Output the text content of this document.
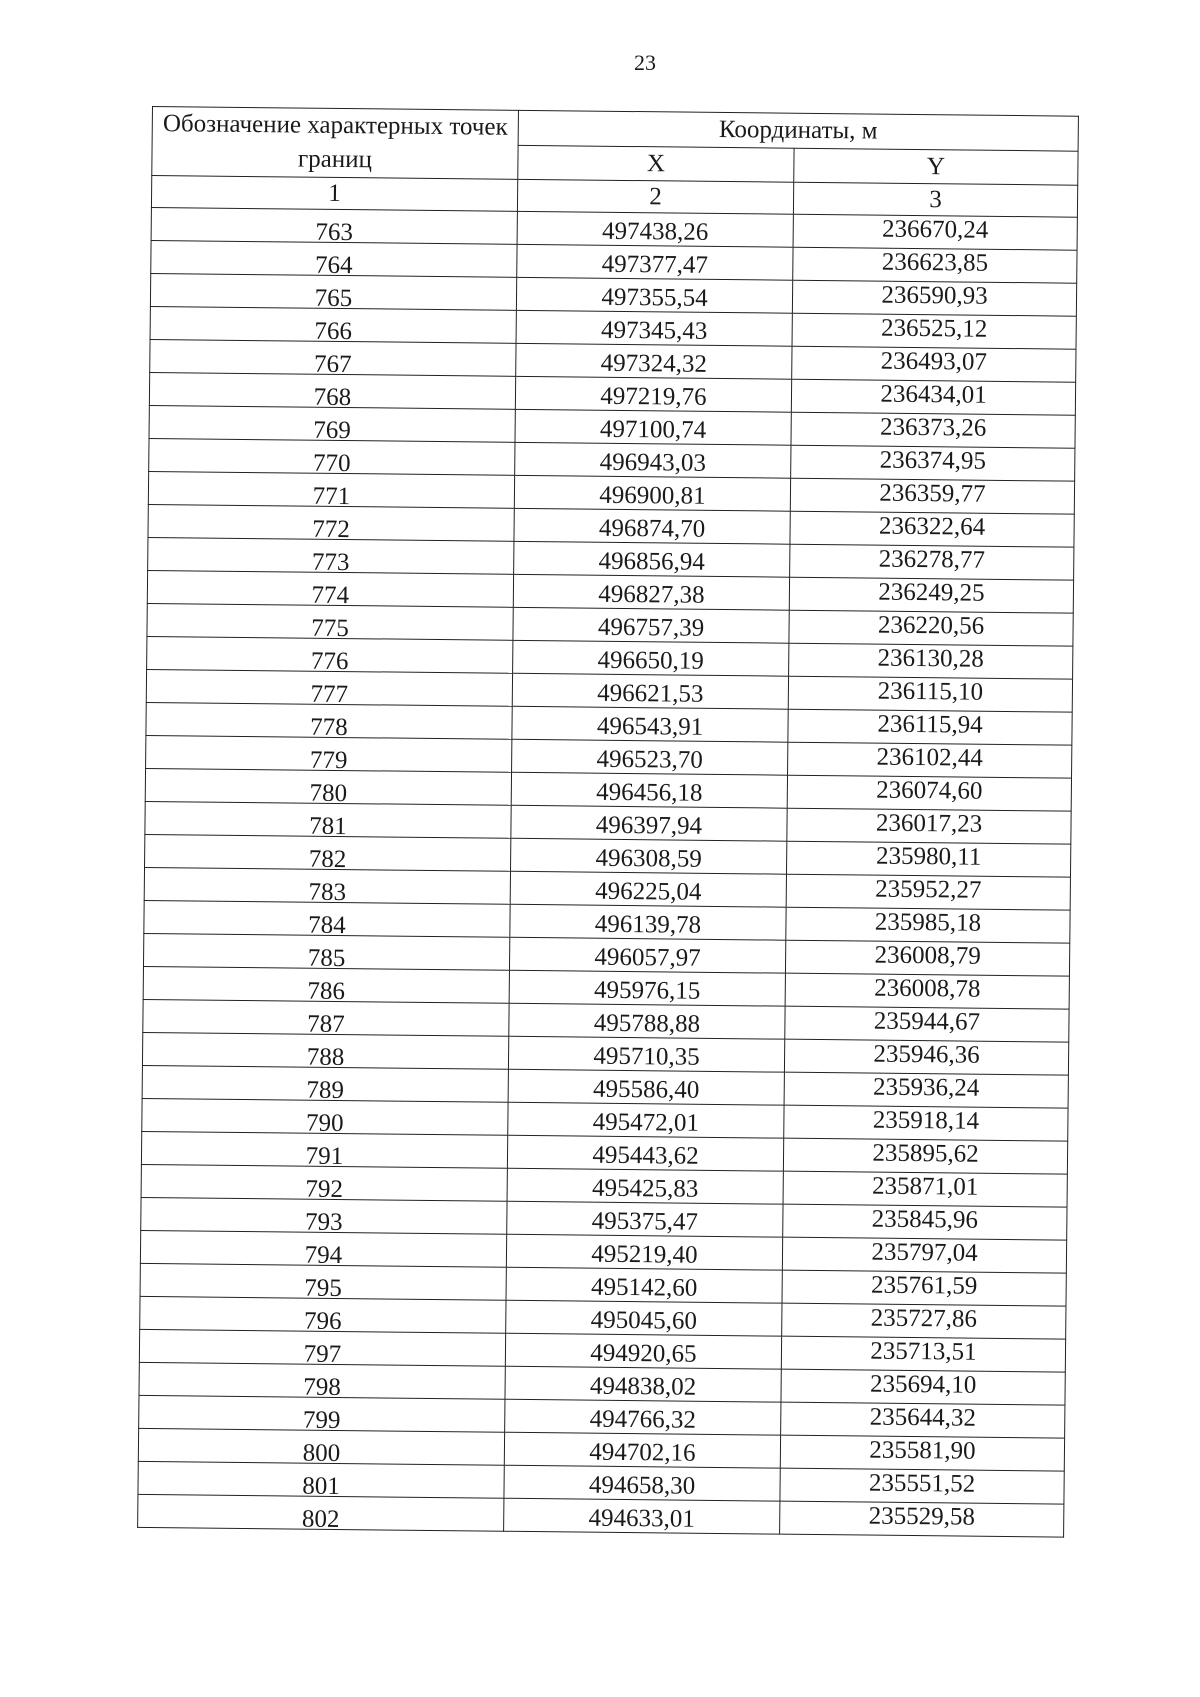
23
Обозначение характерных точек границ	Координаты, м	
	X	Y
1	2	3
763	497438,26	236670,24
764	497377,47	236623,85
765	497355,54	236590,93
766	497345,43	236525,12
767	497324,32	236493,07
768	497219,76	236434,01
769	497100,74	236373,26
770	496943,03	236374,95
771	496900,81	236359,77
772	496874,70	236322,64
773	496856,94	236278,77
774	496827,38	236249,25
775	496757,39	236220,56
776	496650,19	236130,28
777	496621,53	236115,10
778	496543,91	236115,94
779	496523,70	236102,44
780	496456,18	236074,60
781	496397,94	236017,23
782	496308,59	235980,11
783	496225,04	235952,27
784	496139,78	235985,18
785	496057,97	236008,79
786	495976,15	236008,78
787	495788,88	235944,67
788	495710,35	235946,36
789	495586,40	235936,24
790	495472,01	235918,14
791	495443,62	235895,62
792	495425,83	235871,01
793	495375,47	235845,96
794	495219,40	235797,04
795	495142,60	235761,59
796	495045,60	235727,86
797	494920,65	235713,51
798	494838,02	235694,10
799	494766,32	235644,32
800	494702,16	235581,90
801	494658,30	235551,52
802	494633,01	235529,58
